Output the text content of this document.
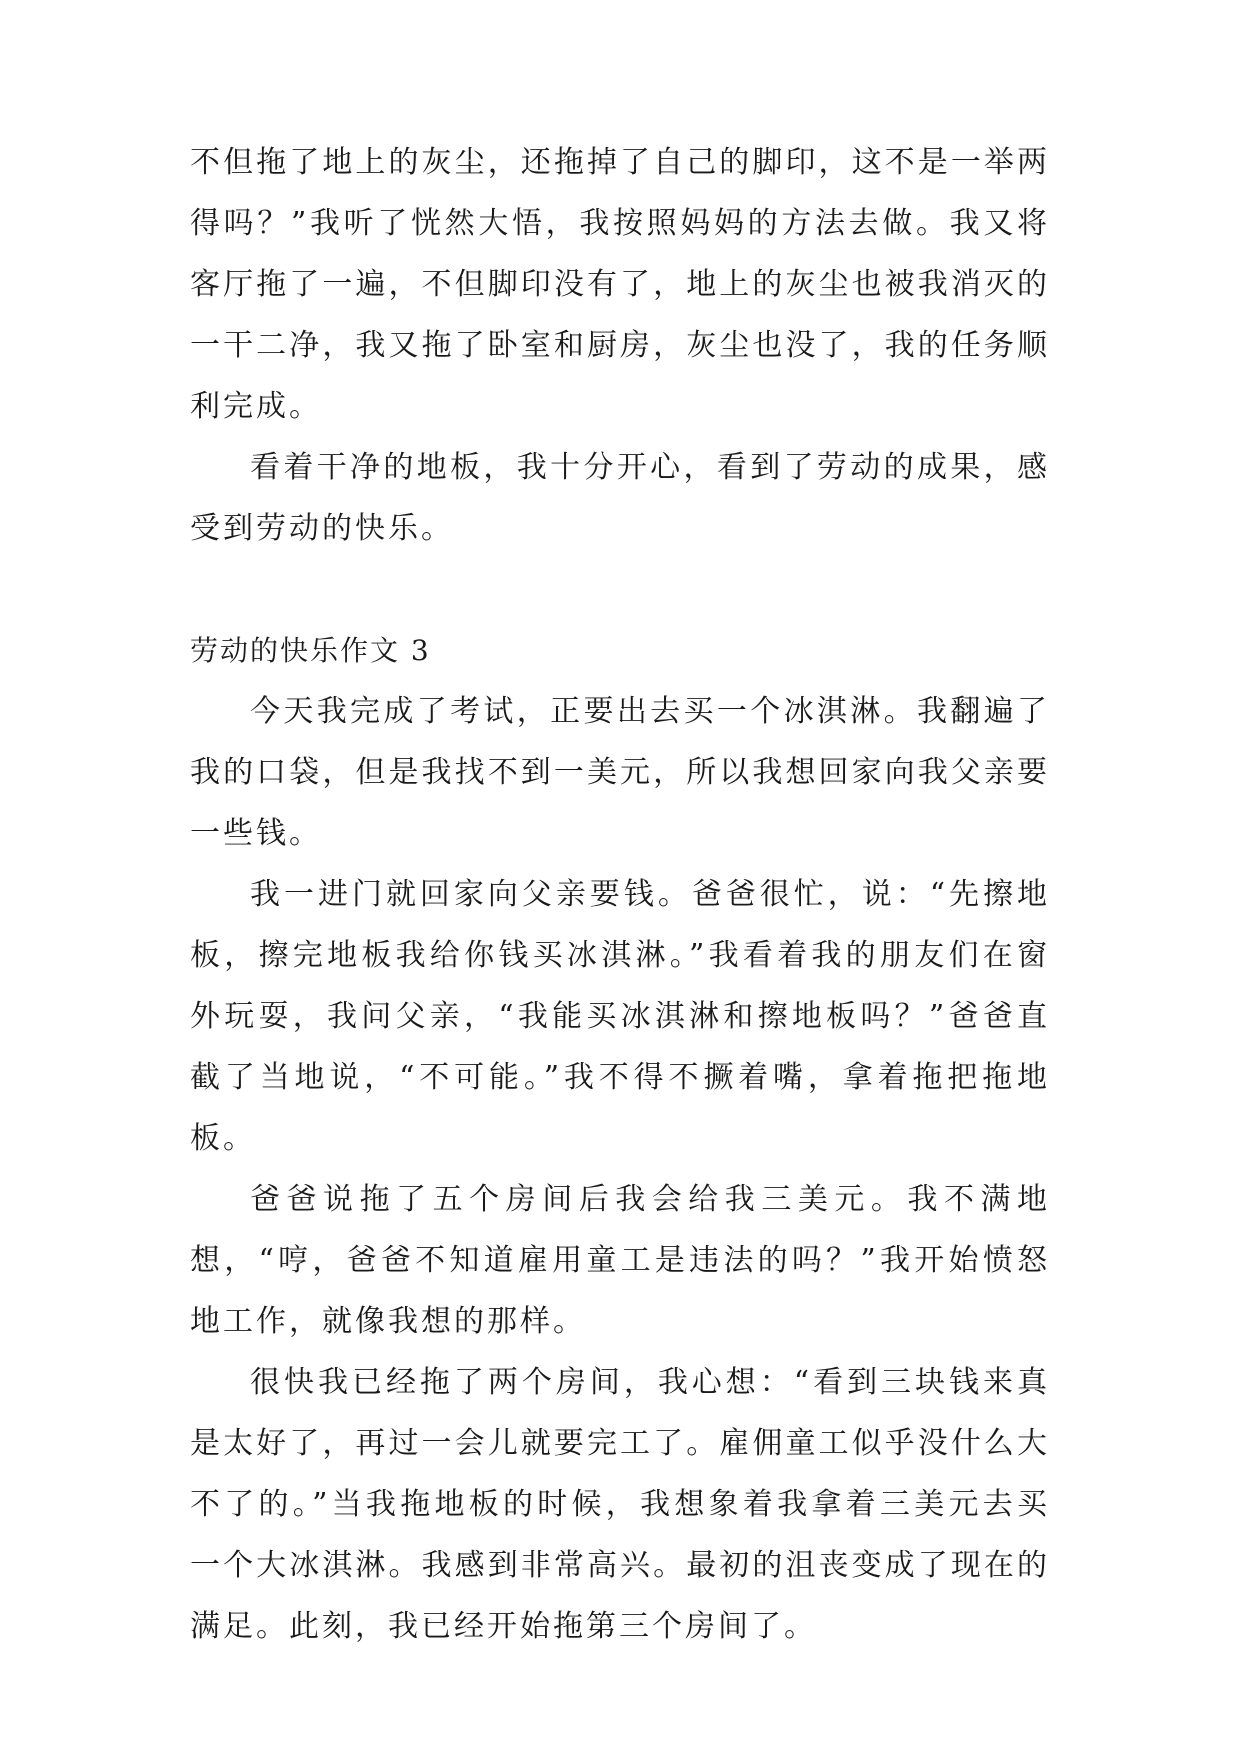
不但拖了地上的灰尘，还拖掉了自己的脚印，这不是一举两得吗？”我听了恍然大悟，我按照妈妈的方法去做。我又将客厅拖了一遍，不但脚印没有了，地上的灰尘也被我消灭的一干二净，我又拖了卧室和厨房，灰尘也没了，我的任务顺利完成。

看着干净的地板，我十分开心，看到了劳动的成果，感受到劳动的快乐。

劳动的快乐作文 3

今天我完成了考试，正要出去买一个冰淇淋。我翻遍了我的口袋，但是我找不到一美元，所以我想回家向我父亲要一些钱。

我一进门就回家向父亲要钱。爸爸很忙，说：“先擦地板，擦完地板我给你钱买冰淇淋。”我看着我的朋友们在窗外玩耍，我问父亲，“我能买冰淇淋和擦地板吗？”爸爸直截了当地说，“不可能。”我不得不撅着嘴，拿着拖把拖地板。

爸爸说拖了五个房间后我会给我三美元。我不满地想，“哼，爸爸不知道雇用童工是违法的吗？”我开始愤怒地工作，就像我想的那样。

很快我已经拖了两个房间，我心想：“看到三块钱来真是太好了，再过一会儿就要完工了。雇佣童工似乎没什么大不了的。”当我拖地板的时候，我想象着我拿着三美元去买一个大冰淇淋。我感到非常高兴。最初的沮丧变成了现在的满足。此刻，我已经开始拖第三个房间了。
